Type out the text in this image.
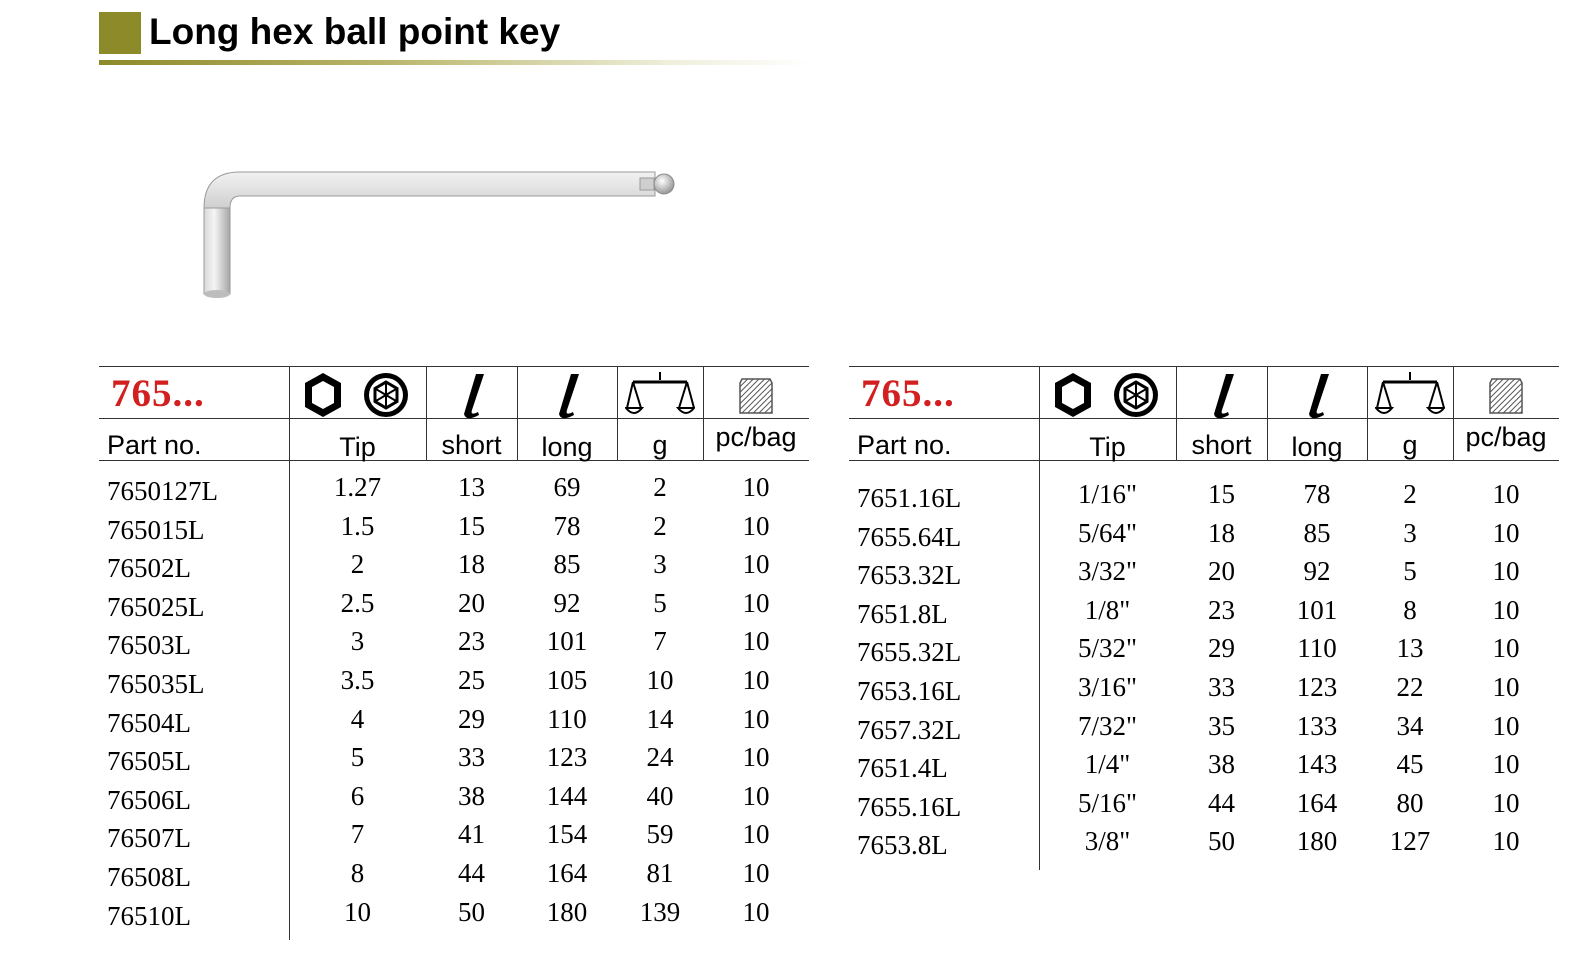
Long hex ball point key
765...
Part no.	Tip	short	long	g	pc/bag
7650127L	1.27	13	69	2	10
765015L	1.5	15	78	2	10
76502L	2	18	85	3	10
765025L	2.5	20	92	5	10
76503L	3	23	101	7	10
765035L	3.5	25	105	10	10
76504L	4	29	110	14	10
76505L	5	33	123	24	10
76506L	6	38	144	40	10
76507L	7	41	154	59	10
76508L	8	44	164	81	10
76510L	10	50	180	139	10
765...
Part no.	Tip	short	long	g	pc/bag
7651.16L	1/16"	15	78	2	10
7655.64L	5/64"	18	85	3	10
7653.32L	3/32"	20	92	5	10
7651.8L	1/8"	23	101	8	10
7655.32L	5/32"	29	110	13	10
7653.16L	3/16"	33	123	22	10
7657.32L	7/32"	35	133	34	10
7651.4L	1/4"	38	143	45	10
7655.16L	5/16"	44	164	80	10
7653.8L	3/8"	50	180	127	10
